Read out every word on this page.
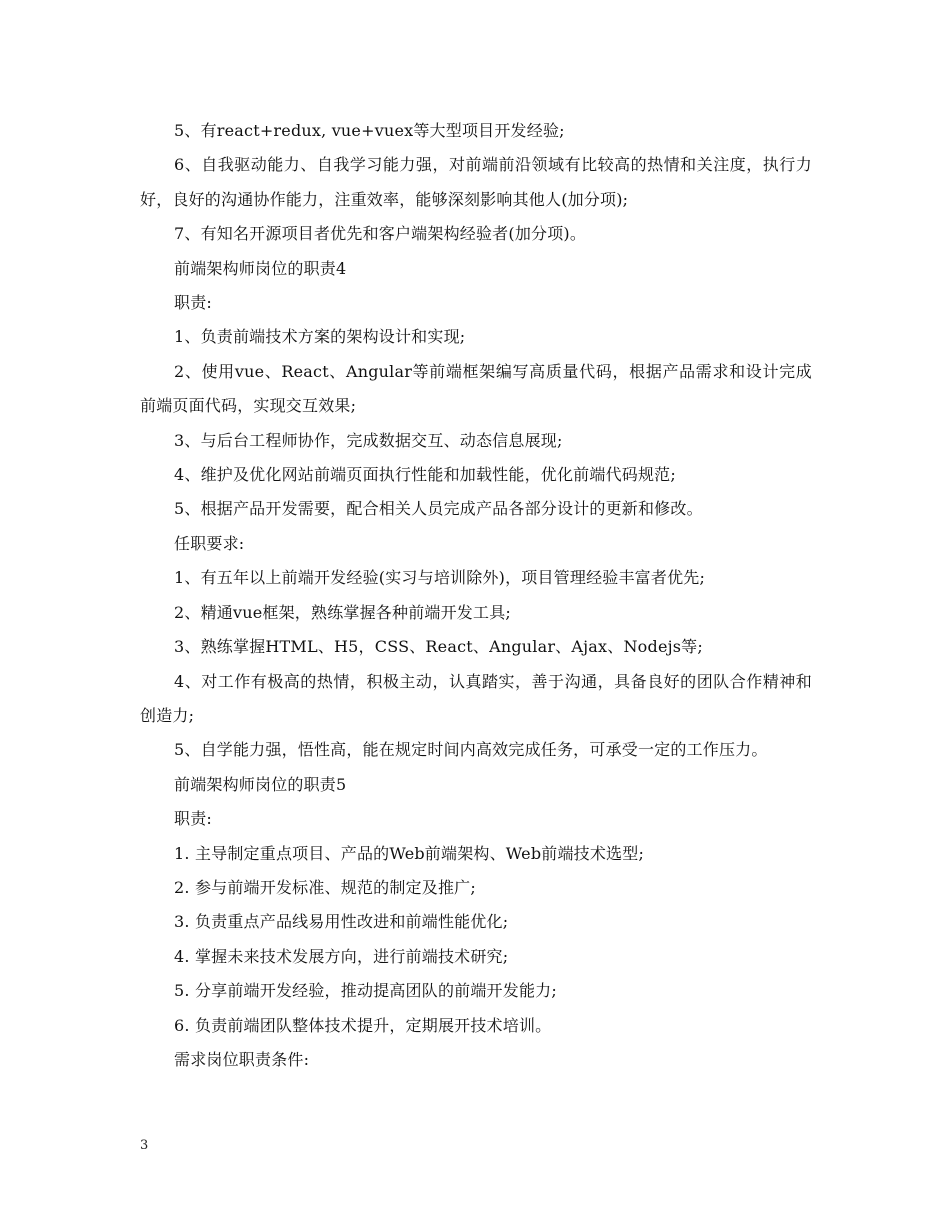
5、有react+redux, vue+vuex等大型项目开发经验;

6、自我驱动能力、自我学习能力强，对前端前沿领域有比较高的热情和关注度，执行力好，良好的沟通协作能力，注重效率，能够深刻影响其他人(加分项);

7、有知名开源项目者优先和客户端架构经验者(加分项)。

前端架构师岗位的职责4

职责:

1、负责前端技术方案的架构设计和实现;

2、使用vue、React、Angular等前端框架编写高质量代码，根据产品需求和设计完成前端页面代码，实现交互效果;

3、与后台工程师协作，完成数据交互、动态信息展现;

4、维护及优化网站前端页面执行性能和加载性能，优化前端代码规范;

5、根据产品开发需要，配合相关人员完成产品各部分设计的更新和修改。

任职要求:

1、有五年以上前端开发经验(实习与培训除外)，项目管理经验丰富者优先;

2、精通vue框架，熟练掌握各种前端开发工具;

3、熟练掌握HTML、H5，CSS、React、Angular、Ajax、Nodejs等;

4、对工作有极高的热情，积极主动，认真踏实，善于沟通，具备良好的团队合作精神和创造力;

5、自学能力强，悟性高，能在规定时间内高效完成任务，可承受一定的工作压力。

前端架构师岗位的职责5

职责:

1. 主导制定重点项目、产品的Web前端架构、Web前端技术选型;

2. 参与前端开发标准、规范的制定及推广;

3. 负责重点产品线易用性改进和前端性能优化;

4. 掌握未来技术发展方向，进行前端技术研究;

5. 分享前端开发经验，推动提高团队的前端开发能力;

6. 负责前端团队整体技术提升，定期展开技术培训。

需求岗位职责条件:

3
